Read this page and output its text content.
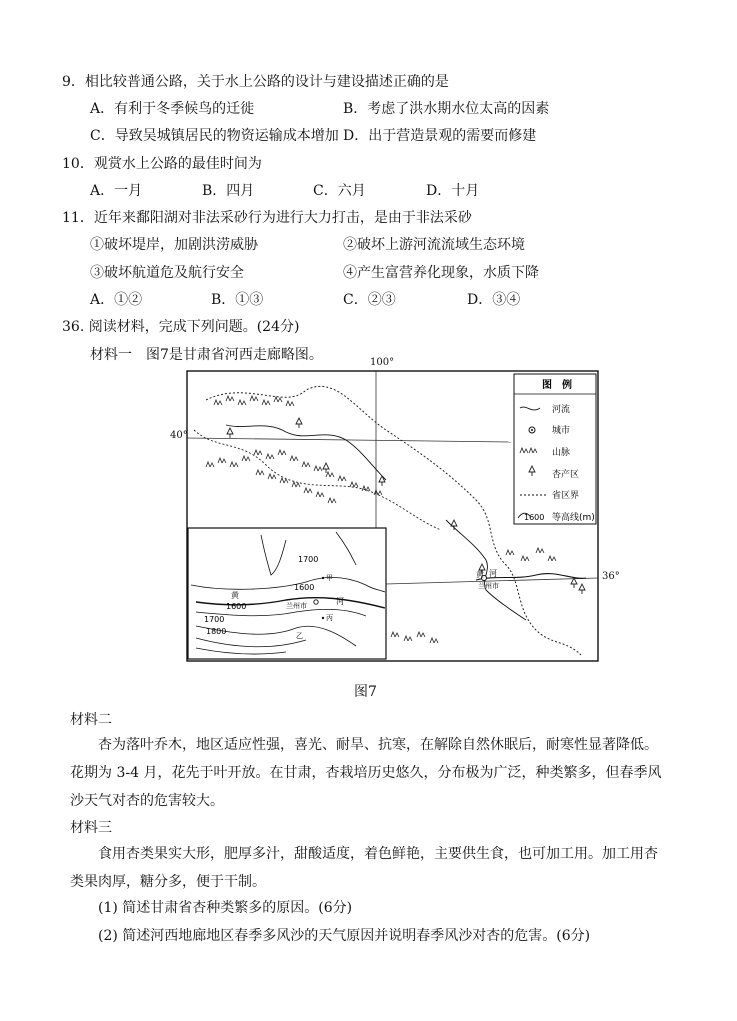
9．相比较普通公路，关于水上公路的设计与建设描述正确的是
A．有利于冬季候鸟的迁徙	B．考虑了洪水期水位太高的因素
C．导致吴城镇居民的物资运输成本增加 D．出于营造景观的需要而修建
10．观赏水上公路的最佳时间为
A．一月	B．四月	C．六月	D．十月
11．近年来鄱阳湖对非法采砂行为进行大力打击，是由于非法采砂
①破坏堤岸，加剧洪涝威胁	②破坏上游河流流域生态环境
③破坏航道危及航行安全	④产生富营养化现象，水质下降
A．①②	B．①③	C．②③	D．③④
36. 阅读材料，完成下列问题。(24分)
材料一　图7是甘肃省河西走廊略图。
河
黄
兰州市
图　例
河流
城市
山脉
杏产区
省区界
1600 等高线(m)
1700
1600
1600
1700
1800
甲
乙
丙
河
黄
兰州市
100°
40°
36°
图7
材料二
杏为落叶乔木，地区适应性强，喜光、耐旱、抗寒，在解除自然休眠后，耐寒性显著降低。花期为 3-4 月，花先于叶开放。在甘肃，杏栽培历史悠久，分布极为广泛，种类繁多，但春季风沙天气对杏的危害较大。
材料三
食用杏类果实大形，肥厚多汁，甜酸适度，着色鲜艳，主要供生食，也可加工用。加工用杏类果肉厚，糖分多，便于干制。
(1) 简述甘肃省杏种类繁多的原因。(6分)
(2) 简述河西地廊地区春季多风沙的天气原因并说明春季风沙对杏的危害。(6分)
